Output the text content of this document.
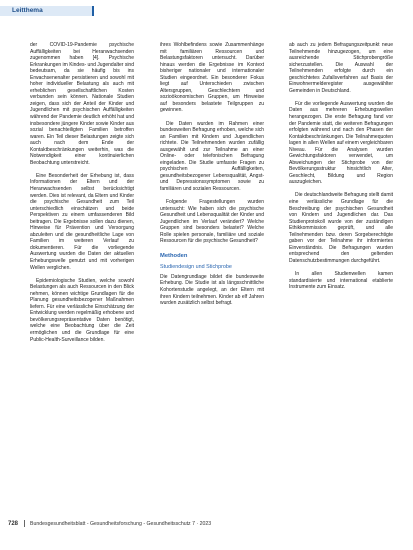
Leitthema

der COVID-19-Pandemie psychische Auffälligkeiten bei Heranwachsenden zugenommen haben [4]. Psychische Erkrankungen im Kindes- und Jugendalter sind bedeutsam, da sie häufig bis ins Erwachsenenalter persistieren und sowohl mit hoher individueller Belastung als auch mit erheblichen gesellschaftlichen Kosten verbunden sein können. Nationale Studien zeigen, dass sich der Anteil der Kinder und Jugendlichen mit psychischen Auffälligkeiten während der Pandemie deutlich erhöht hat und insbesondere jüngere Kinder sowie Kinder aus sozial benachteiligten Familien betroffen waren. Ein Teil dieser Belastungen zeigte sich auch nach dem Ende der Kontaktbeschränkungen weiterhin, was die Notwendigkeit einer kontinuierlichen Beobachtung unterstreicht.

Eine Besonderheit der Erhebung ist, dass Informationen der Eltern und der Heranwachsenden selbst berücksichtigt werden. Dies ist relevant, da Eltern und Kinder die psychische Gesundheit zum Teil unterschiedlich einschätzen und beide Perspektiven zu einem umfassenderen Bild beitragen. Die Ergebnisse sollen dazu dienen, Hinweise für Prävention und Versorgung abzuleiten und die gesundheitliche Lage von Familien im weiteren Verlauf zu dokumentieren. Für die vorliegende Auswertung wurden die Daten der aktuellen Erhebungswelle genutzt und mit vorherigen Wellen verglichen.

Epidemiologische Studien, welche sowohl Belastungen als auch Ressourcen in den Blick nehmen, können wichtige Grundlagen für die Planung gesundheitsbezogener Maßnahmen liefern. Für eine verlässliche Einschätzung der Entwicklung werden regelmäßig erhobene und bevölkerungsrepräsentative Daten benötigt, welche eine Beobachtung über die Zeit ermöglichen und die Grundlage für eine Public-Health-Surveillance bilden.

ihres Wohlbefindens sowie Zusammenhänge mit familiären Ressourcen und Belastungsfaktoren untersucht. Darüber hinaus werden die Ergebnisse im Kontext bisheriger nationaler und internationaler Studien eingeordnet. Ein besonderer Fokus liegt auf Unterschieden zwischen Altersgruppen, Geschlechtern und sozioökonomischen Gruppen, um Hinweise auf besonders belastete Teilgruppen zu gewinnen.

Die Daten wurden im Rahmen einer bundesweiten Befragung erhoben, welche sich an Familien mit Kindern und Jugendlichen richtete. Die Teilnehmenden wurden zufällig ausgewählt und zur Teilnahme an einer Online- oder telefonischen Befragung eingeladen. Die Studie umfasste Fragen zu psychischen Auffälligkeiten, gesundheitsbezogener Lebensqualität, Angst- und Depressionssymptomen sowie zu familiären und sozialen Ressourcen.

Folgende Fragestellungen wurden untersucht: Wie haben sich die psychische Gesundheit und Lebensqualität der Kinder und Jugendlichen im Verlauf verändert? Welche Gruppen sind besonders belastet? Welche Rolle spielen personale, familiäre und soziale Ressourcen für die psychische Gesundheit?

Methoden
Studiendesign und Stichprobe

Die Datengrundlage bildet die bundesweite Erhebung. Die Studie ist als längsschnittliche Kohortenstudie angelegt, an der Eltern mit ihren Kindern teilnehmen. Kinder ab elf Jahren wurden zusätzlich selbst befragt.

ab auch zu jedem Befragungszeitpunkt neue Teilnehmende hinzugezogen, um eine ausreichende Stichprobengröße sicherzustellen. Die Auswahl der Teilnehmenden erfolgte durch ein geschichtetes Zufallsverfahren auf Basis der Einwohnermelderegister ausgewählter Gemeinden in Deutschland.

Für die vorliegende Auswertung wurden die Daten aus mehreren Erhebungswellen herangezogen. Die erste Befragung fand vor der Pandemie statt, die weiteren Befragungen erfolgten während und nach den Phasen der Kontaktbeschränkungen. Die Teilnahmequoten lagen in allen Wellen auf einem vergleichbaren Niveau. Für die Analysen wurden Gewichtungsfaktoren verwendet, um Abweichungen der Stichprobe von der Bevölkerungsstruktur hinsichtlich Alter, Geschlecht, Bildung und Region auszugleichen.

Die deutschlandweite Befragung stellt damit eine verlässliche Grundlage für die Beschreibung der psychischen Gesundheit von Kindern und Jugendlichen dar. Das Studienprotokoll wurde von der zuständigen Ethikkommission geprüft, und alle Teilnehmenden bzw. deren Sorgeberechtigte gaben vor der Teilnahme ihr informiertes Einverständnis. Die Befragungen wurden entsprechend den geltenden Datenschutzbestimmungen durchgeführt.

In allen Studienwellen kamen standardisierte und international etablierte Instrumente zum Einsatz.

728 Bundesgesundheitsblatt - Gesundheitsforschung - Gesundheitsschutz 7 · 2023
